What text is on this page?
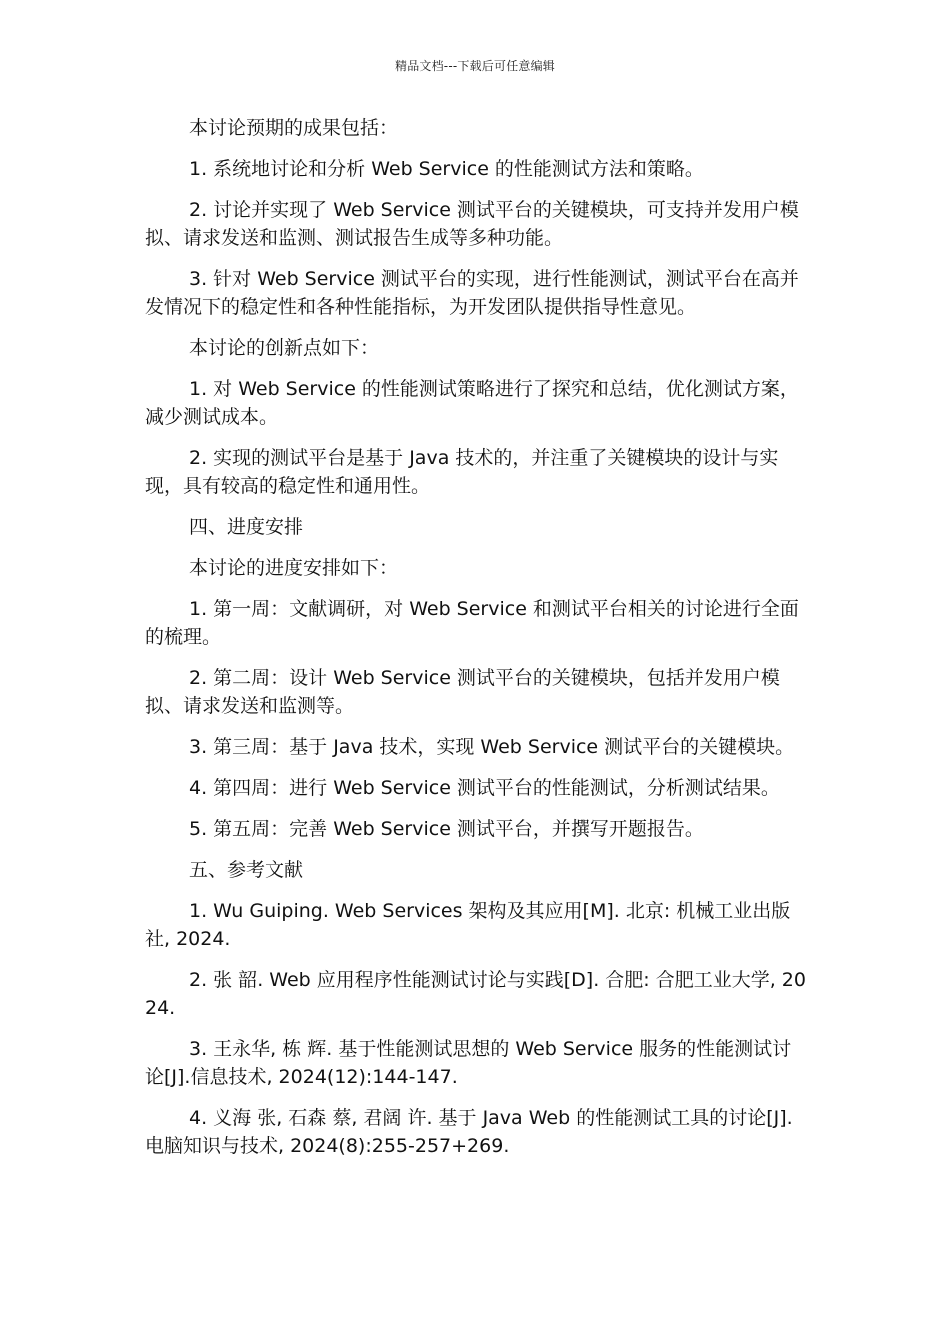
精品文档---下载后可任意编辑

本讨论预期的成果包括：

1. 系统地讨论和分析 Web Service 的性能测试方法和策略。

2. 讨论并实现了 Web Service 测试平台的关键模块，可支持并发用户模拟、请求发送和监测、测试报告生成等多种功能。

3. 针对 Web Service 测试平台的实现，进行性能测试，测试平台在高并发情况下的稳定性和各种性能指标，为开发团队提供指导性意见。

本讨论的创新点如下：

1. 对 Web Service 的性能测试策略进行了探究和总结，优化测试方案，减少测试成本。

2. 实现的测试平台是基于 Java 技术的，并注重了关键模块的设计与实现，具有较高的稳定性和通用性。

四、进度安排

本讨论的进度安排如下：

1. 第一周：文献调研，对 Web Service 和测试平台相关的讨论进行全面的梳理。

2. 第二周：设计 Web Service 测试平台的关键模块，包括并发用户模拟、请求发送和监测等。

3. 第三周：基于 Java 技术，实现 Web Service 测试平台的关键模块。

4. 第四周：进行 Web Service 测试平台的性能测试，分析测试结果。

5. 第五周：完善 Web Service 测试平台，并撰写开题报告。

五、参考文献

1. Wu Guiping. Web Services 架构及其应用[M]. 北京: 机械工业出版社, 2024.

2. 张 韶. Web 应用程序性能测试讨论与实践[D]. 合肥: 合肥工业大学, 2024.

3. 王永华, 栋 辉. 基于性能测试思想的 Web Service 服务的性能测试讨论[J].信息技术, 2024(12):144-147.

4. 义海 张, 石森 蔡, 君阔 许. 基于 Java Web 的性能测试工具的讨论[J]. 电脑知识与技术, 2024(8):255-257+269.
